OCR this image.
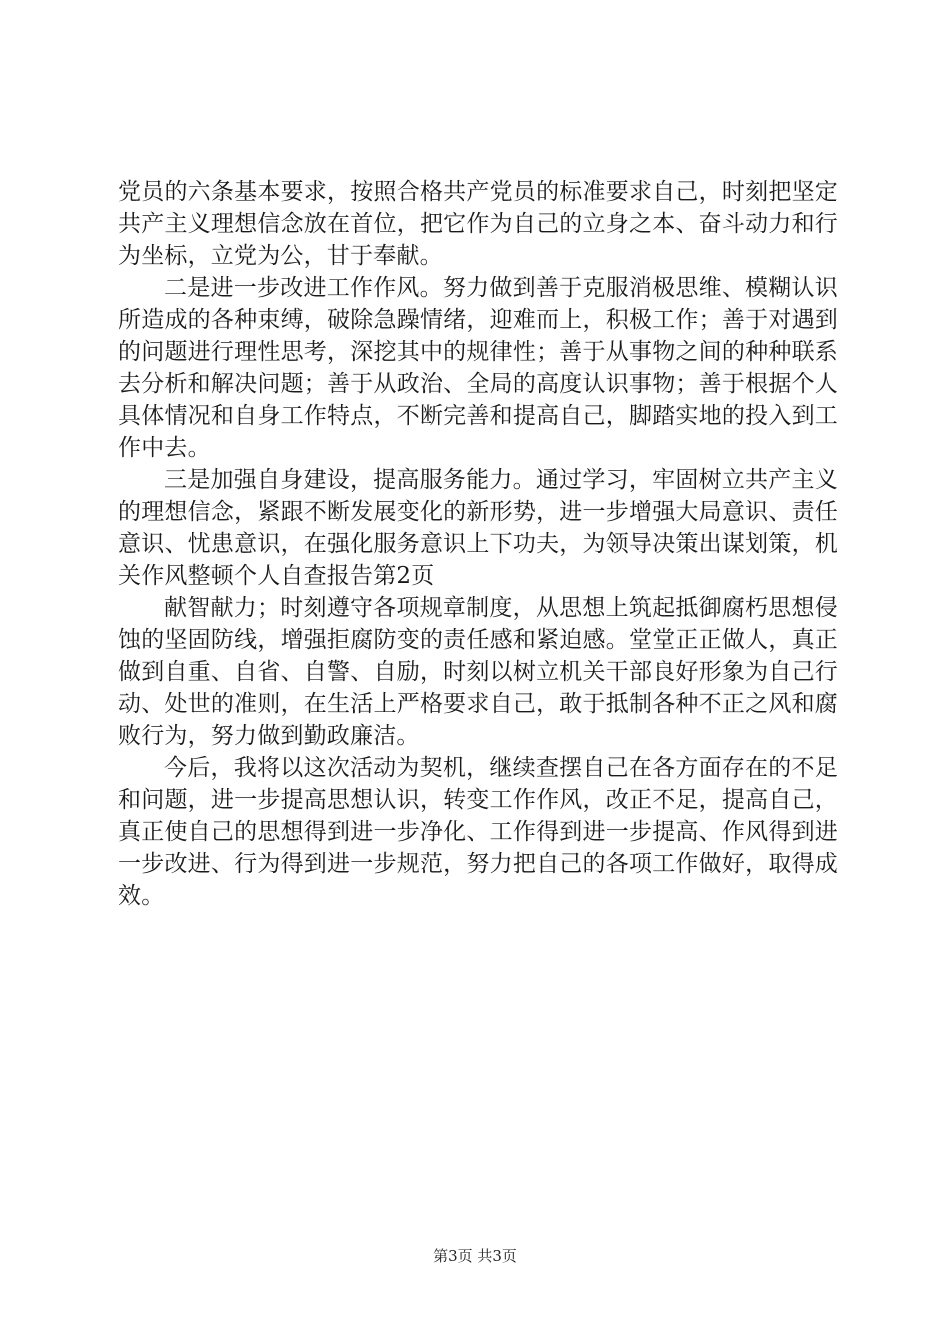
党员的六条基本要求，按照合格共产党员的标准要求自己，时刻把坚定共产主义理想信念放在首位，把它作为自己的立身之本、奋斗动力和行为坐标，立党为公，甘于奉献。

二是进一步改进工作作风。努力做到善于克服消极思维、模糊认识所造成的各种束缚，破除急躁情绪，迎难而上，积极工作；善于对遇到的问题进行理性思考，深挖其中的规律性；善于从事物之间的种种联系去分析和解决问题；善于从政治、全局的高度认识事物；善于根据个人具体情况和自身工作特点，不断完善和提高自己，脚踏实地的投入到工作中去。

三是加强自身建设，提高服务能力。通过学习，牢固树立共产主义的理想信念，紧跟不断发展变化的新形势，进一步增强大局意识、责任意识、忧患意识，在强化服务意识上下功夫，为领导决策出谋划策，机关作风整顿个人自查报告第2页

献智献力；时刻遵守各项规章制度，从思想上筑起抵御腐朽思想侵蚀的坚固防线，增强拒腐防变的责任感和紧迫感。堂堂正正做人，真正做到自重、自省、自警、自励，时刻以树立机关干部良好形象为自己行动、处世的准则，在生活上严格要求自己，敢于抵制各种不正之风和腐败行为，努力做到勤政廉洁。

今后，我将以这次活动为契机，继续查摆自己在各方面存在的不足和问题，进一步提高思想认识，转变工作作风，改正不足，提高自己，真正使自己的思想得到进一步净化、工作得到进一步提高、作风得到进一步改进、行为得到进一步规范，努力把自己的各项工作做好，取得成效。

第3页 共3页
